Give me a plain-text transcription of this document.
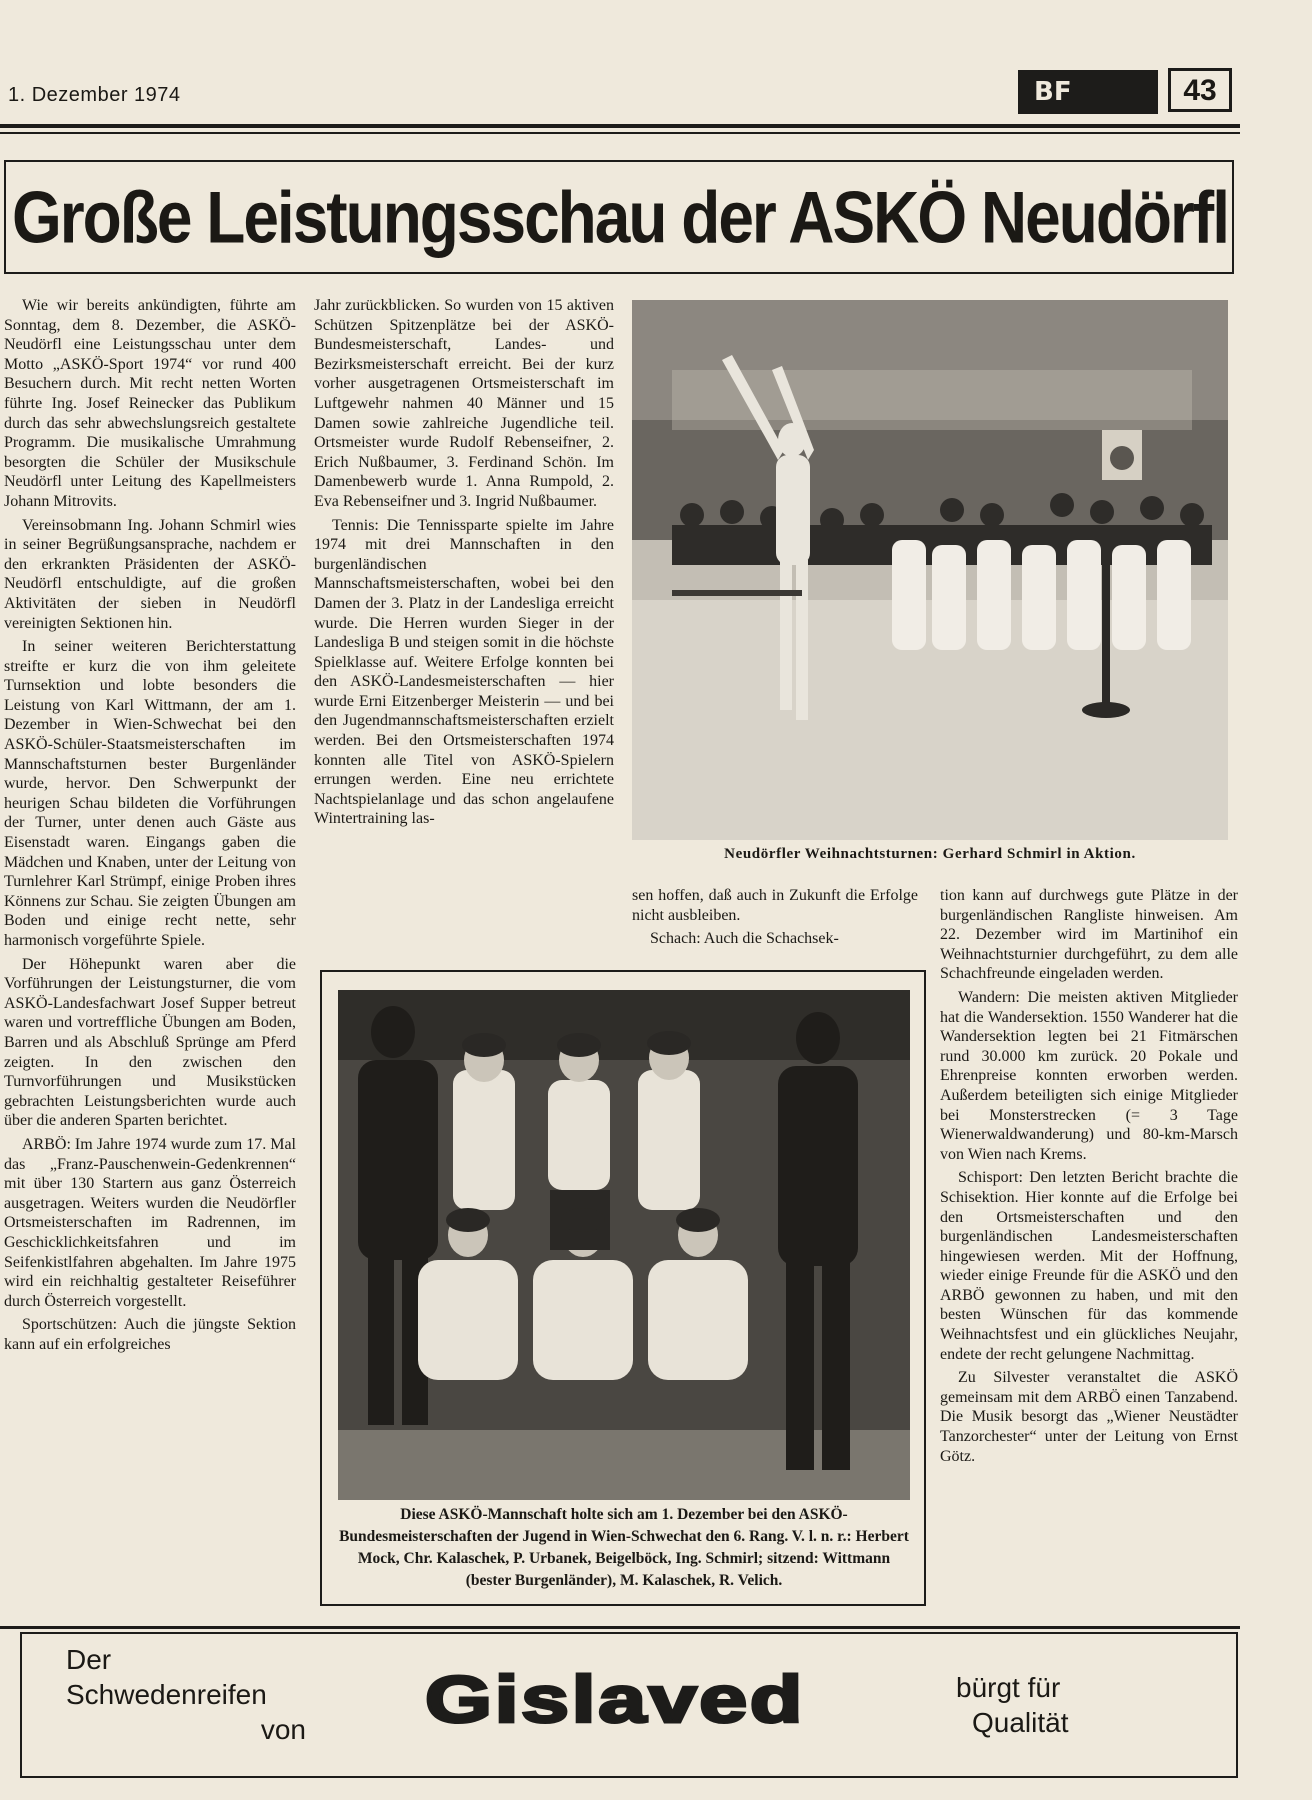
1. Dezember 1974	BF	43
Große Leistungsschau der ASKÖ Neudörfl

Wie wir bereits ankündigten, führte am Sonntag, dem 8. Dezember, die ASKÖ-Neudörfl eine Leistungsschau unter dem Motto „ASKÖ-Sport 1974“ vor rund 400 Besuchern durch. Mit recht netten Worten führte Ing. Josef Reinecker das Publikum durch das sehr abwechslungsreich gestaltete Programm. Die musikalische Umrahmung besorgten die Schüler der Musikschule Neudörfl unter Leitung des Kapellmeisters Johann Mitrovits.

Vereinsobmann Ing. Johann Schmirl wies in seiner Begrüßungsansprache, nachdem er den erkrankten Präsidenten der ASKÖ-Neudörfl entschuldigte, auf die großen Aktivitäten der sieben in Neudörfl vereinigten Sektionen hin.

In seiner weiteren Berichterstattung streifte er kurz die von ihm geleitete Turnsektion und lobte besonders die Leistung von Karl Wittmann, der am 1. Dezember in Wien-Schwechat bei den ASKÖ-Schüler-Staatsmeisterschaften im Mannschaftsturnen bester Burgenländer wurde, hervor. Den Schwerpunkt der heurigen Schau bildeten die Vorführungen der Turner, unter denen auch Gäste aus Eisenstadt waren. Eingangs gaben die Mädchen und Knaben, unter der Leitung von Turnlehrer Karl Strümpf, einige Proben ihres Könnens zur Schau. Sie zeigten Übungen am Boden und einige recht nette, sehr harmonisch vorgeführte Spiele.

Der Höhepunkt waren aber die Vorführungen der Leistungsturner, die vom ASKÖ-Landesfachwart Josef Supper betreut waren und vortreffliche Übungen am Boden, Barren und als Abschluß Sprünge am Pferd zeigten. In den zwischen den Turnvorführungen und Musikstücken gebrachten Leistungsberichten wurde auch über die anderen Sparten berichtet.

ARBÖ: Im Jahre 1974 wurde zum 17. Mal das „Franz-Pauschenwein-Gedenkrennen“ mit über 130 Startern aus ganz Österreich ausgetragen. Weiters wurden die Neudörfler Ortsmeisterschaften im Radrennen, im Geschicklichkeitsfahren und im Seifenkistlfahren abgehalten. Im Jahre 1975 wird ein reichhaltig gestalteter Reiseführer durch Österreich vorgestellt.

Sportschützen: Auch die jüngste Sektion kann auf ein erfolgreiches

Jahr zurückblicken. So wurden von 15 aktiven Schützen Spitzenplätze bei der ASKÖ-Bundesmeisterschaft, Landes- und Bezirksmeisterschaft erreicht. Bei der kurz vorher ausgetragenen Ortsmeisterschaft im Luftgewehr nahmen 40 Männer und 15 Damen sowie zahlreiche Jugendliche teil. Ortsmeister wurde Rudolf Rebenseifner, 2. Erich Nußbaumer, 3. Ferdinand Schön. Im Damenbewerb wurde 1. Anna Rumpold, 2. Eva Rebenseifner und 3. Ingrid Nußbaumer.

Tennis: Die Tennissparte spielte im Jahre 1974 mit drei Mannschaften in den burgenländischen Mannschaftsmeisterschaften, wobei bei den Damen der 3. Platz in der Landesliga erreicht wurde. Die Herren wurden Sieger in der Landesliga B und steigen somit in die höchste Spielklasse auf. Weitere Erfolge konnten bei den ASKÖ-Landesmeisterschaften — hier wurde Erni Eitzenberger Meisterin — und bei den Jugendmannschaftsmeisterschaften erzielt werden. Bei den Ortsmeisterschaften 1974 konnten alle Titel von ASKÖ-Spielern errungen werden. Eine neu errichtete Nachtspielanlage und das schon angelaufene Wintertraining las-

Neudörfler Weihnachtsturnen: Gerhard Schmirl in Aktion.

sen hoffen, daß auch in Zukunft die Erfolge nicht ausbleiben.

Schach: Auch die Schachsek-

Diese ASKÖ-Mannschaft holte sich am 1. Dezember bei den ASKÖ-Bundesmeisterschaften der Jugend in Wien-Schwechat den 6. Rang. V. l. n. r.: Herbert Mock, Chr. Kalaschek, P. Urbanek, Beigelböck, Ing. Schmirl; sitzend: Wittmann (bester Burgenländer), M. Kalaschek, R. Velich.

tion kann auf durchwegs gute Plätze in der burgenländischen Rangliste hinweisen. Am 22. Dezember wird im Martinihof ein Weihnachtsturnier durchgeführt, zu dem alle Schachfreunde eingeladen werden.

Wandern: Die meisten aktiven Mitglieder hat die Wandersektion. 1550 Wanderer hat die Wandersektion legten bei 21 Fitmärschen rund 30.000 km zurück. 20 Pokale und Ehrenpreise konnten erworben werden. Außerdem beteiligten sich einige Mitglieder bei Monsterstrecken (= 3 Tage Wienerwaldwanderung) und 80-km-Marsch von Wien nach Krems.

Schisport: Den letzten Bericht brachte die Schisektion. Hier konnte auf die Erfolge bei den Ortsmeisterschaften und den burgenländischen Landesmeisterschaften hingewiesen werden. Mit der Hoffnung, wieder einige Freunde für die ASKÖ und den ARBÖ gewonnen zu haben, und mit den besten Wünschen für das kommende Weihnachtsfest und ein glückliches Neujahr, endete der recht gelungene Nachmittag.

Zu Silvester veranstaltet die ASKÖ gemeinsam mit dem ARBÖ einen Tanzabend. Die Musik besorgt das „Wiener Neustädter Tanzorchester“ unter der Leitung von Ernst Götz.

Der
Schwedenreifen
von Gislaved	bürgt für
Qualität
